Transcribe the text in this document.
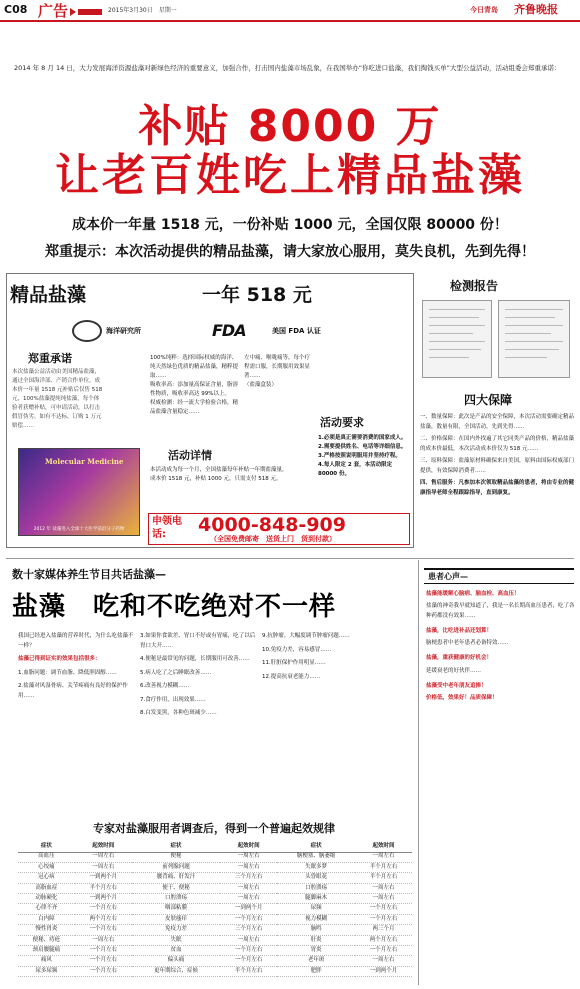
C08 广告	2015年3月30日　星期一	今日青岛 齐鲁晚报

2014 年 8 月 14 日，大力发展海洋资源盐藻对新绿色经济的重要意义，加强合作，打击国内盐藻市场乱象，在我国举办“你吃进口盐藻，我们掏钱买单”大型公益活动，活动组委会郑重承诺：

补贴 8000 万
让老百姓吃上精品盐藻
成本价一年量 1518 元，一份补贴 1000 元，全国仅限 80000 份！
郑重提示：本次活动提供的精品盐藻，请大家放心服用，莫失良机，先到先得！
精品盐藻	一年 518 元
海洋研究所	FDA	美国 FDA 认证
郑重承诺

本次盐藻公益活动由美国精品盐藻，通过全国海洋部、产销合作单位，成本价一年量 1518 元补贴后仅售 518 元，100%盐藻提纯纯盐藻，每个体验者获赠补贴，可申请活动，以打击假冒伪劣。如有不达标，订购 1 万元赔偿……

Molecular Medicine
2012 年 盐藻进入全球十大医学前沿分子药物

100%纯粹：选择国际权威的海洋、纯天然绿色优质的精品盐藻，精粹提取……
吸收率高：添加量高保证含量，脂溶性物质，吸收率高达 99%以上。
权威检测：经一流大学检验合格，精品盐藻含量稳定……

左中痛、喉咙痛等，每个疗程需口服，长期服用效果显著……
（盐藻盒装）

活动详情

本活动成为每一个月，全国盐藻每年补贴一年期盐藻量，成本价 1518 元，补贴 1000 元，只需支付 518 元。

活动要求
1.必须是真正需要消费的国家成人。
2.需要提供姓名、电话等详细信息。
3.严格按照说明服用并坚持疗程。
4.每人限定 2 套，本活动限定 80000 份。
申领电话:	4000-848-909
（全国免费邮寄　送货上门　货到付款）
检测报告
四大保障

一、数量保障：此次是产品的安全保障，本次活动需要确定精品盐藻，数量有限，全国活动，先到先得……

二、价格保障：在国内外找遍了其它同类产品的价格，精品盐藻的成本价最低，本次活动成本价仅为 518 元……

三、原料保障：盐藻原材料确保来自美国，原料由国际权威部门提供，有效保障消费者……

四、售后服务：凡参加本次领取精品盐藻的患者，将由专业的健康指导老师全程跟踪指导，直到康复。

数十家媒体养生节目共话盐藻—
盐藻　吃和不吃绝对不一样

我国已经进入盐藻的营养时代，为什么吃盐藻不一样？

盐藻已得到证实的效果包括很多：

1.血脂问题：调节血脂、降低胆固醇……

2.盐藻对风湿骨病、关节疼痛有良好的保护作用……

3.如果你食欲差、胃口不好或有胃痛，吃了以后胃口大开……

4.便秘是最常见的问题，长期服用可改善……

5.病人吃了之后睡眠改善……

6.改善视力模糊……

7.食疗作用，出现效果……

8.白发变黑，各种色斑减少……

9.抗肿瘤。大幅度调节肿瘤问题……

10.免疫力差，容易感冒……

11.肝脏保护作用明显……

12.提高抗衰老能力……

专家对盐藻服用者调查后，得到一个普遍起效规律
症状	起效时间	症状	起效时间	症状	起效时间
高血压	一周左右	便秘	一周左右	脑梗塞、脑萎缩	一周左右
心绞痛	一周左右	前列腺问题	一周左右	失眠多梦	半个月左右
冠心病	一到两个月	腰背痛、肝发汗	三个月左右	头昏眼花	半个月左右
高脂血症	半个月左右	便干、便秘	一周左右	口腔溃疡	一周左右
动脉硬化	一到两个月	口腔溃疡	一周左右	腿脚麻木	一周左右
心律不齐	一个月左右	咽部粘膜	一到两个月	尿频	一个月左右
白内障	两个月左右	皮肤瘙痒	一个月左右	视力模糊	一个月左右
慢性胃炎	一个月左右	免疫力差	三个月左右	脑鸣	两三个月
便秘、痔疮	一周左右	失眠	一周左右	肝炎	两个月左右
颈肩腰腿痛	一个月左右	贫血	一个月左右	胃炎	一个月左右
痛风	一个月左右	偏头痛	一个月左右	老年斑	一周左右
尿多尿频	一个月左右	更年期综合、症候	半个月左右	肥胖	一到两个月
患者心声—

盐藻能缓解心脑病、脑血栓、高血压！

盐藻的神奇我早就知道了，我是一名长期高血压患者，吃了各种药都没有效果……

盐藻，比吃进补品还划算！

脑梗患者中老年患者必备特效……

盐藻，重获健康的好机会！

延缓衰老的好伙伴……

盐藻受中老年朋友追捧！

价格低，效果好！品质保障！
